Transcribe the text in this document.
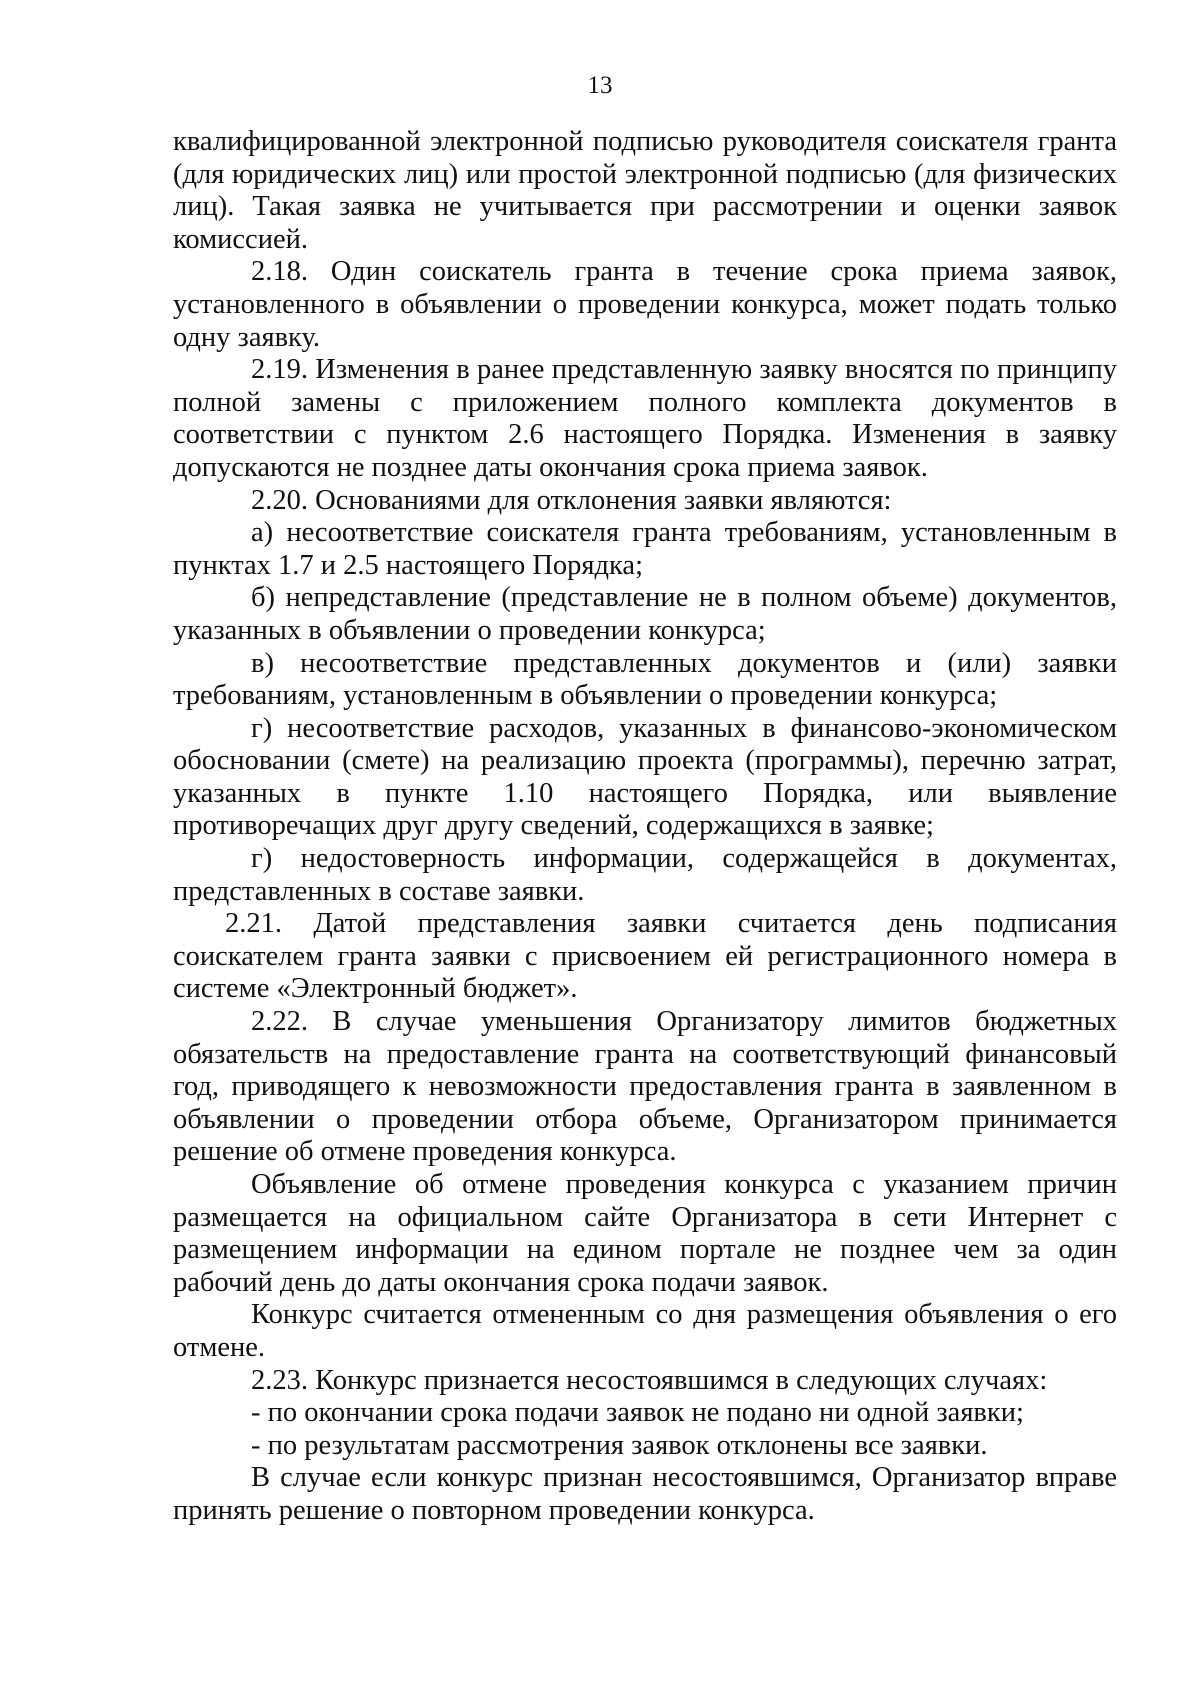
13

квалифицированной электронной подписью руководителя соискателя гранта (для юридических лиц) или простой электронной подписью (для физических лиц). Такая заявка не учитывается при рассмотрении и оценки заявок комиссией.

2.18. Один соискатель гранта в течение срока приема заявок, установленного в объявлении о проведении конкурса, может подать только одну заявку.

2.19. Изменения в ранее представленную заявку вносятся по принципу полной замены с приложением полного комплекта документов в соответствии с пунктом 2.6 настоящего Порядка. Изменения в заявку допускаются не позднее даты окончания срока приема заявок.

2.20. Основаниями для отклонения заявки являются:

а) несоответствие соискателя гранта требованиям, установленным в пунктах 1.7 и 2.5 настоящего Порядка;

б) непредставление (представление не в полном объеме) документов, указанных в объявлении о проведении конкурса;

в) несоответствие представленных документов и (или) заявки требованиям, установленным в объявлении о проведении конкурса;

г) несоответствие расходов, указанных в финансово-экономическом обосновании (смете) на реализацию проекта (программы), перечню затрат, указанных в пункте 1.10 настоящего Порядка, или выявление противоречащих друг другу сведений, содержащихся в заявке;

г) недостоверность информации, содержащейся в документах, представленных в составе заявки.

2.21. Датой представления заявки считается день подписания соискателем гранта заявки с присвоением ей регистрационного номера в системе «Электронный бюджет».

2.22. В случае уменьшения Организатору лимитов бюджетных обязательств на предоставление гранта на соответствующий финансовый год, приводящего к невозможности предоставления гранта в заявленном в объявлении о проведении отбора объеме, Организатором принимается решение об отмене проведения конкурса.

Объявление об отмене проведения конкурса с указанием причин размещается на официальном сайте Организатора в сети Интернет с размещением информации на едином портале не позднее чем за один рабочий день до даты окончания срока подачи заявок.

Конкурс считается отмененным со дня размещения объявления о его отмене.

2.23. Конкурс признается несостоявшимся в следующих случаях:

- по окончании срока подачи заявок не подано ни одной заявки;

- по результатам рассмотрения заявок отклонены все заявки.

В случае если конкурс признан несостоявшимся, Организатор вправе принять решение о повторном проведении конкурса.
